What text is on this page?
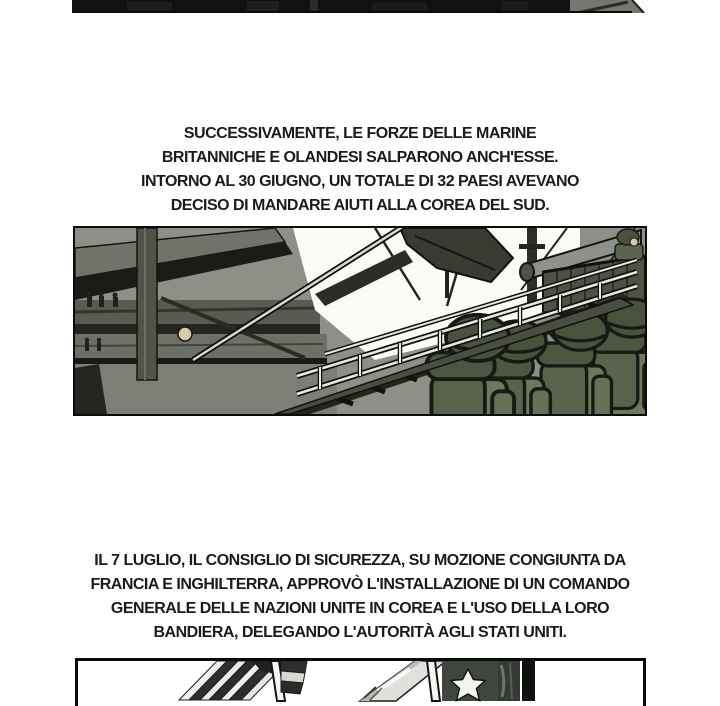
SUCCESSIVAMENTE, LE FORZE DELLE MARINE
BRITANNICHE E OLANDESI SALPARONO ANCH'ESSE.
INTORNO AL 30 GIUGNO, UN TOTALE DI 32 PAESI AVEVANO
DECISO DI MANDARE AIUTI ALLA COREA DEL SUD.
IL 7 LUGLIO, IL CONSIGLIO DI SICUREZZA, SU MOZIONE CONGIUNTA DA
FRANCIA E INGHILTERRA, APPROVÒ L'INSTALLAZIONE DI UN COMANDO
GENERALE DELLE NAZIONI UNITE IN COREA E L'USO DELLA LORO
BANDIERA, DELEGANDO L'AUTORITÀ AGLI STATI UNITI.
